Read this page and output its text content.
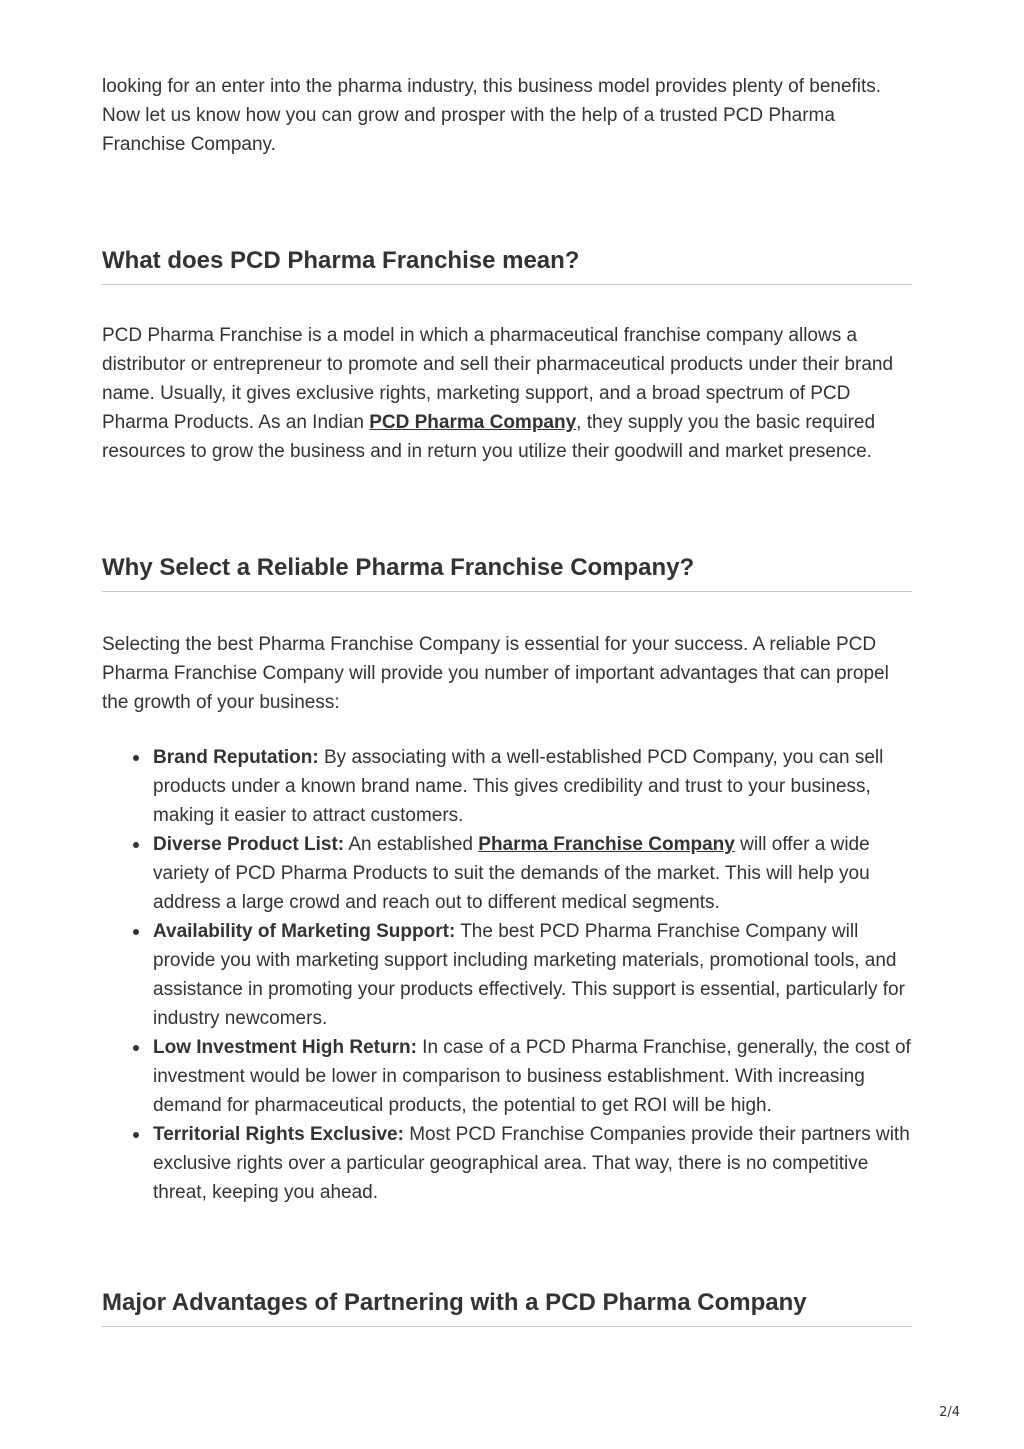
looking for an enter into the pharma industry, this business model provides plenty of benefits. Now let us know how you can grow and prosper with the help of a trusted PCD Pharma Franchise Company.

What does PCD Pharma Franchise mean?

PCD Pharma Franchise is a model in which a pharmaceutical franchise company allows a distributor or entrepreneur to promote and sell their pharmaceutical products under their brand name. Usually, it gives exclusive rights, marketing support, and a broad spectrum of PCD Pharma Products. As an Indian PCD Pharma Company, they supply you the basic required resources to grow the business and in return you utilize their goodwill and market presence.

Why Select a Reliable Pharma Franchise Company?

Selecting the best Pharma Franchise Company is essential for your success. A reliable PCD Pharma Franchise Company will provide you number of important advantages that can propel the growth of your business:

Brand Reputation: By associating with a well-established PCD Company, you can sell products under a known brand name. This gives credibility and trust to your business, making it easier to attract customers.
Diverse Product List: An established Pharma Franchise Company will offer a wide variety of PCD Pharma Products to suit the demands of the market. This will help you address a large crowd and reach out to different medical segments.
Availability of Marketing Support: The best PCD Pharma Franchise Company will provide you with marketing support including marketing materials, promotional tools, and assistance in promoting your products effectively. This support is essential, particularly for industry newcomers.
Low Investment High Return: In case of a PCD Pharma Franchise, generally, the cost of investment would be lower in comparison to business establishment. With increasing demand for pharmaceutical products, the potential to get ROI will be high.
Territorial Rights Exclusive: Most PCD Franchise Companies provide their partners with exclusive rights over a particular geographical area. That way, there is no competitive threat, keeping you ahead.
Major Advantages of Partnering with a PCD Pharma Company
2/4
